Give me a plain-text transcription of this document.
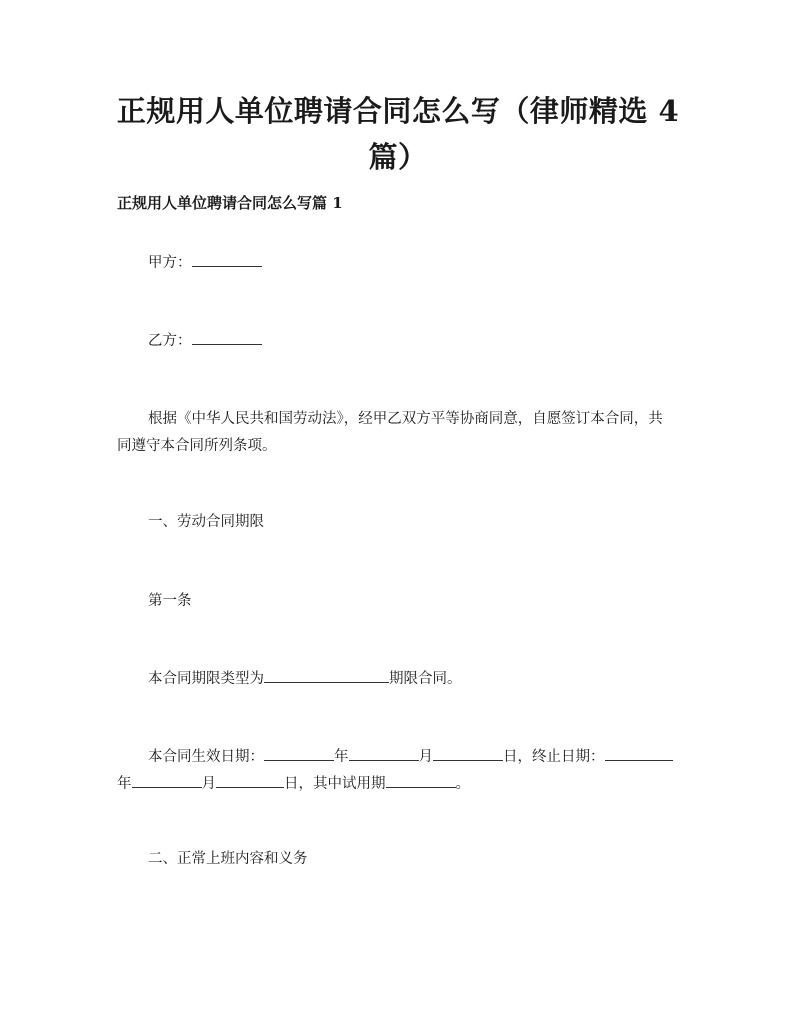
正规用人单位聘请合同怎么写（律师精选 4 篇）
正规用人单位聘请合同怎么写篇 1
甲方：
乙方：
根据《中华人民共和国劳动法》，经甲乙双方平等协商同意，自愿签订本合同，共同遵守本合同所列条项。
一、劳动合同期限
第一条
本合同期限类型为	期限合同。
本合同生效日期：	年	月	日，终止日期：年	月	日，其中试用期	。
二、正常上班内容和义务
